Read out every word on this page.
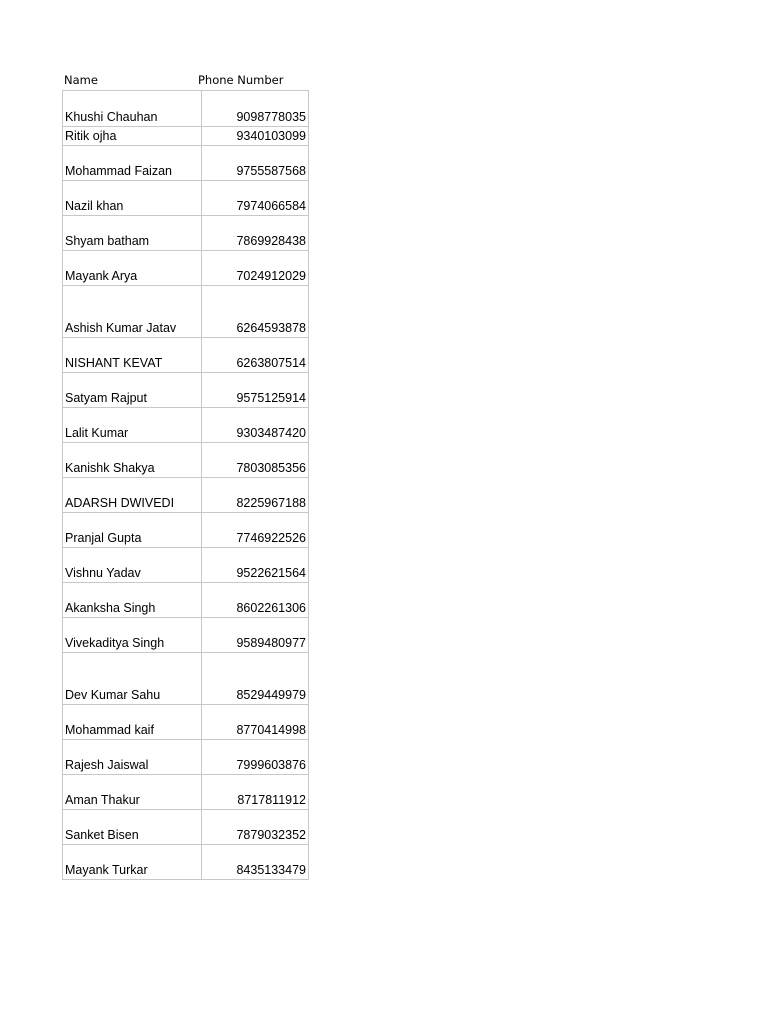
Name	Phone Number
Khushi Chauhan	9098778035
Ritik ojha	9340103099
Mohammad Faizan	9755587568
Nazil khan	7974066584
Shyam batham	7869928438
Mayank Arya	7024912029
Ashish Kumar Jatav	6264593878
NISHANT KEVAT	6263807514
Satyam Rajput	9575125914
Lalit Kumar	9303487420
Kanishk Shakya	7803085356
ADARSH DWIVEDI	8225967188
Pranjal Gupta	7746922526
Vishnu Yadav	9522621564
Akanksha Singh	8602261306
Vivekaditya Singh	9589480977
Dev Kumar Sahu	8529449979
Mohammad kaif	8770414998
Rajesh Jaiswal	7999603876
Aman Thakur	8717811912
Sanket Bisen	7879032352
Mayank Turkar	8435133479
